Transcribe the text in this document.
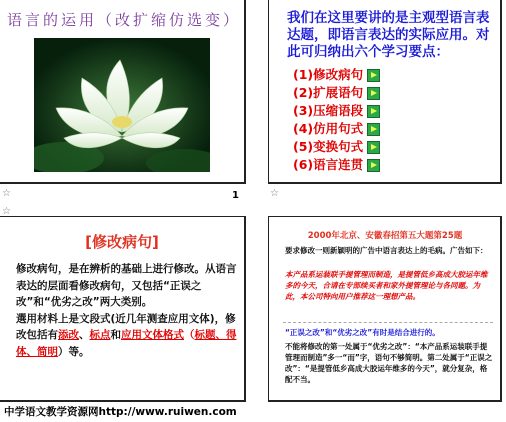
语言的运用（改扩缩仿选变）
☆	1
我们在这里要讲的是主观型语言表达题，即语言表达的实际应用。对此可归纳出六个学习要点：
(1)修改病句
(2)扩展语句
(3)压缩语段
(4)仿用句式
(5)变换句式
(6)语言连贯
☆
[修改病句]
修改病句，是在辨析的基础上进行修改。从语言表达的层面看修改病句，又包括“正误之改”和“优劣之改”两大类别。
選用材料上是文段式(近几年测查应用文体)，修改包括有添改、标点和应用文体格式（标题、得体、简明）等。
☆
2000年北京、安徽春招第五大题第25题
要求修改一则新颖明的广告中语言表达上的毛病。广告如下：
本产品系运装联手提管理而制造，是提管低乡高成大胶运年维多的今天，合请在专部续买者和家外提管理论与各同题。为此，本公司特向用户推荐这一理想产品。
“正误之改”和“优劣之改”有时是结合进行的。
不能将修改的第一处属于“优劣之改”：“本产品系运装联手提管理而制造”多一“而”字，语句不够简明。第二处属于“正误之改”：“是提管低乡高成大胶运年维多的今天”，就分复杂，格配不当。
中学语文教学资源网http://www.ruiwen.com
